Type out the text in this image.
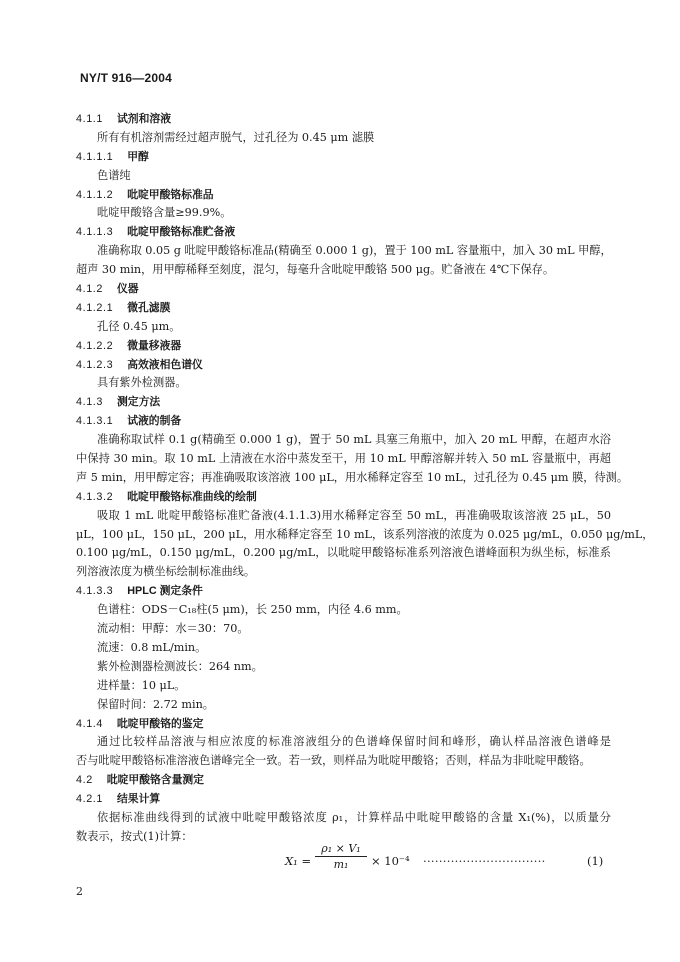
NY/T 916—2004
4.1.1 试剂和溶液
所有有机溶剂需经过超声脱气，过孔径为 0.45 μm 滤膜
4.1.1.1 甲醇
色谱纯
4.1.1.2 吡啶甲酸铬标准品
吡啶甲酸铬含量≥99.9%。
4.1.1.3 吡啶甲酸铬标准贮备液
准确称取 0.05 g 吡啶甲酸铬标准品(精确至 0.000 1 g)，置于 100 mL 容量瓶中，加入 30 mL 甲醇，
超声 30 min，用甲醇稀释至刻度，混匀，每毫升含吡啶甲酸铬 500 μg。贮备液在 4℃下保存。
4.1.2 仪器
4.1.2.1 微孔滤膜
孔径 0.45 μm。
4.1.2.2 微量移液器
4.1.2.3 高效液相色谱仪
具有紫外检测器。
4.1.3 测定方法
4.1.3.1 试液的制备
准确称取试样 0.1 g(精确至 0.000 1 g)，置于 50 mL 具塞三角瓶中，加入 20 mL 甲醇，在超声水浴
中保持 30 min。取 10 mL 上清液在水浴中蒸发至干，用 10 mL 甲醇溶解并转入 50 mL 容量瓶中，再超
声 5 min，用甲醇定容；再准确吸取该溶液 100 μL，用水稀释定容至 10 mL，过孔径为 0.45 μm 膜，待测。
4.1.3.2 吡啶甲酸铬标准曲线的绘制
吸取 1 mL 吡啶甲酸铬标准贮备液(4.1.1.3)用水稀释定容至 50 mL，再准确吸取该溶液 25 μL，50
μL，100 μL，150 μL，200 μL，用水稀释定容至 10 mL，该系列溶液的浓度为 0.025 μg/mL，0.050 μg/mL，
0.100 μg/mL，0.150 μg/mL，0.200 μg/mL，以吡啶甲酸铬标准系列溶液色谱峰面积为纵坐标，标准系
列溶液浓度为横坐标绘制标准曲线。
4.1.3.3 HPLC 测定条件
色谱柱：ODS－C₁₈柱(5 μm)，长 250 mm，内径 4.6 mm。
流动相：甲醇：水＝30：70。
流速：0.8 mL/min。
紫外检测器检测波长：264 nm。
进样量：10 μL。
保留时间：2.72 min。
4.1.4 吡啶甲酸铬的鉴定
通过比较样品溶液与相应浓度的标准溶液组分的色谱峰保留时间和峰形，确认样品溶液色谱峰是
否与吡啶甲酸铬标准溶液色谱峰完全一致。若一致，则样品为吡啶甲酸铬；否则，样品为非吡啶甲酸铬。
4.2 吡啶甲酸铬含量测定
4.2.1 结果计算
依据标准曲线得到的试液中吡啶甲酸铬浓度 ρ₁，计算样品中吡啶甲酸铬的含量 X₁(%)，以质量分
数表示，按式(1)计算：
X₁ =
ρ₁ × V₁
m₁	× 10⁻⁴ ·······························	(1)
2
